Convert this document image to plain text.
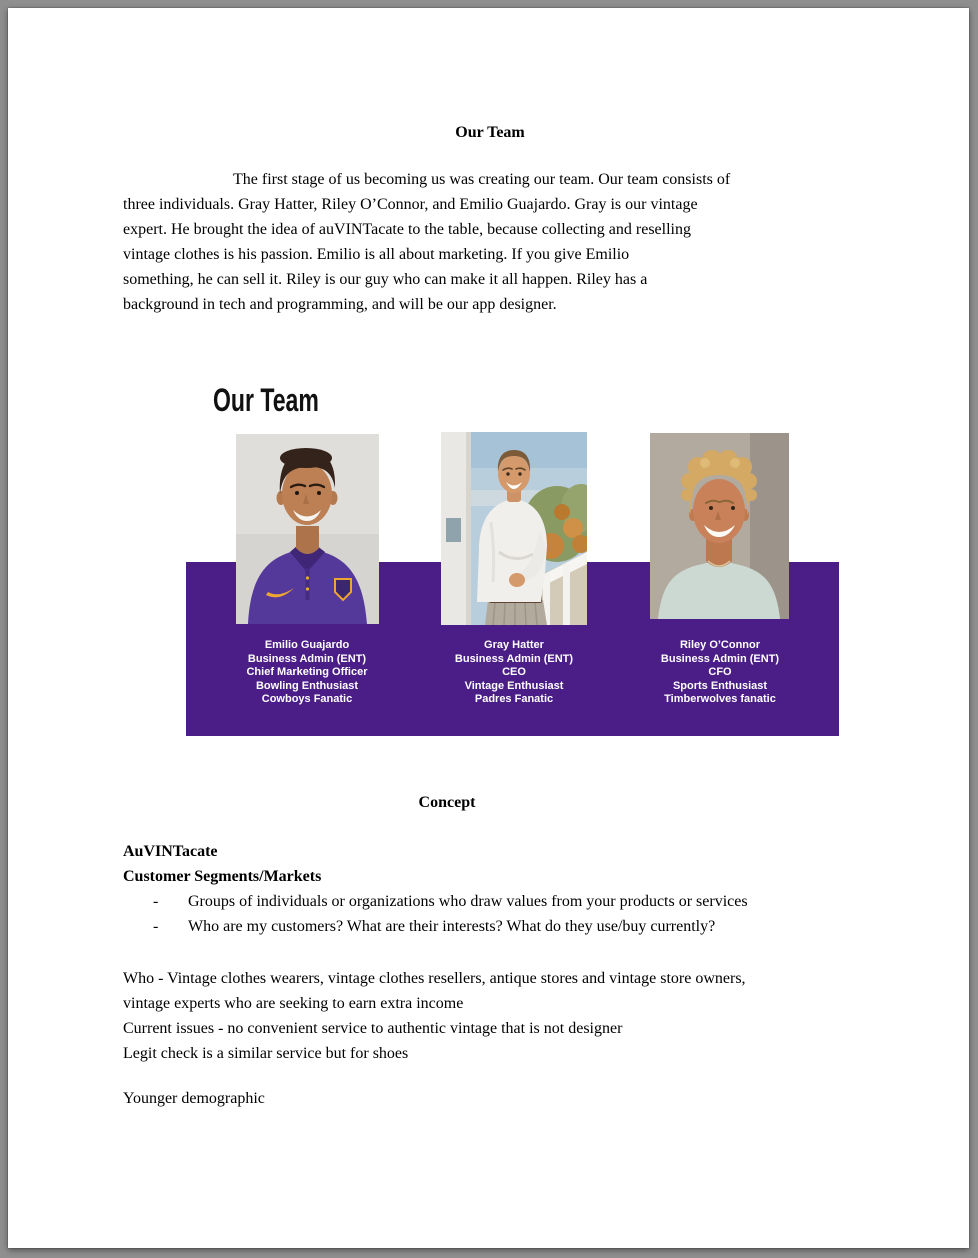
Our Team
The first stage of us becoming us was creating our team. Our team consists of
three individuals. Gray Hatter, Riley O’Connor, and Emilio Guajardo. Gray is our vintage
expert. He brought the idea of auVINTacate to the table, because collecting and reselling
vintage clothes is his passion. Emilio is all about marketing. If you give Emilio
something, he can sell it. Riley is our guy who can make it all happen. Riley has a
background in tech and programming, and will be our app designer.
Our Team
Emilio Guajardo
Business Admin (ENT)
Chief Marketing Officer
Bowling Enthusiast
Cowboys Fanatic
Gray Hatter
Business Admin (ENT)
CEO
Vintage Enthusiast
Padres Fanatic
Riley O’Connor
Business Admin (ENT)
CFO
Sports Enthusiast
Timberwolves fanatic
Concept
AuVINTacate
Customer Segments/Markets
-	Groups of individuals or organizations who draw values from your products or services
-	Who are my customers? What are their interests? What do they use/buy currently?
Who - Vintage clothes wearers, vintage clothes resellers, antique stores and vintage store owners,
vintage experts who are seeking to earn extra income
Current issues - no convenient service to authentic vintage that is not designer
Legit check is a similar service but for shoes
Younger demographic
